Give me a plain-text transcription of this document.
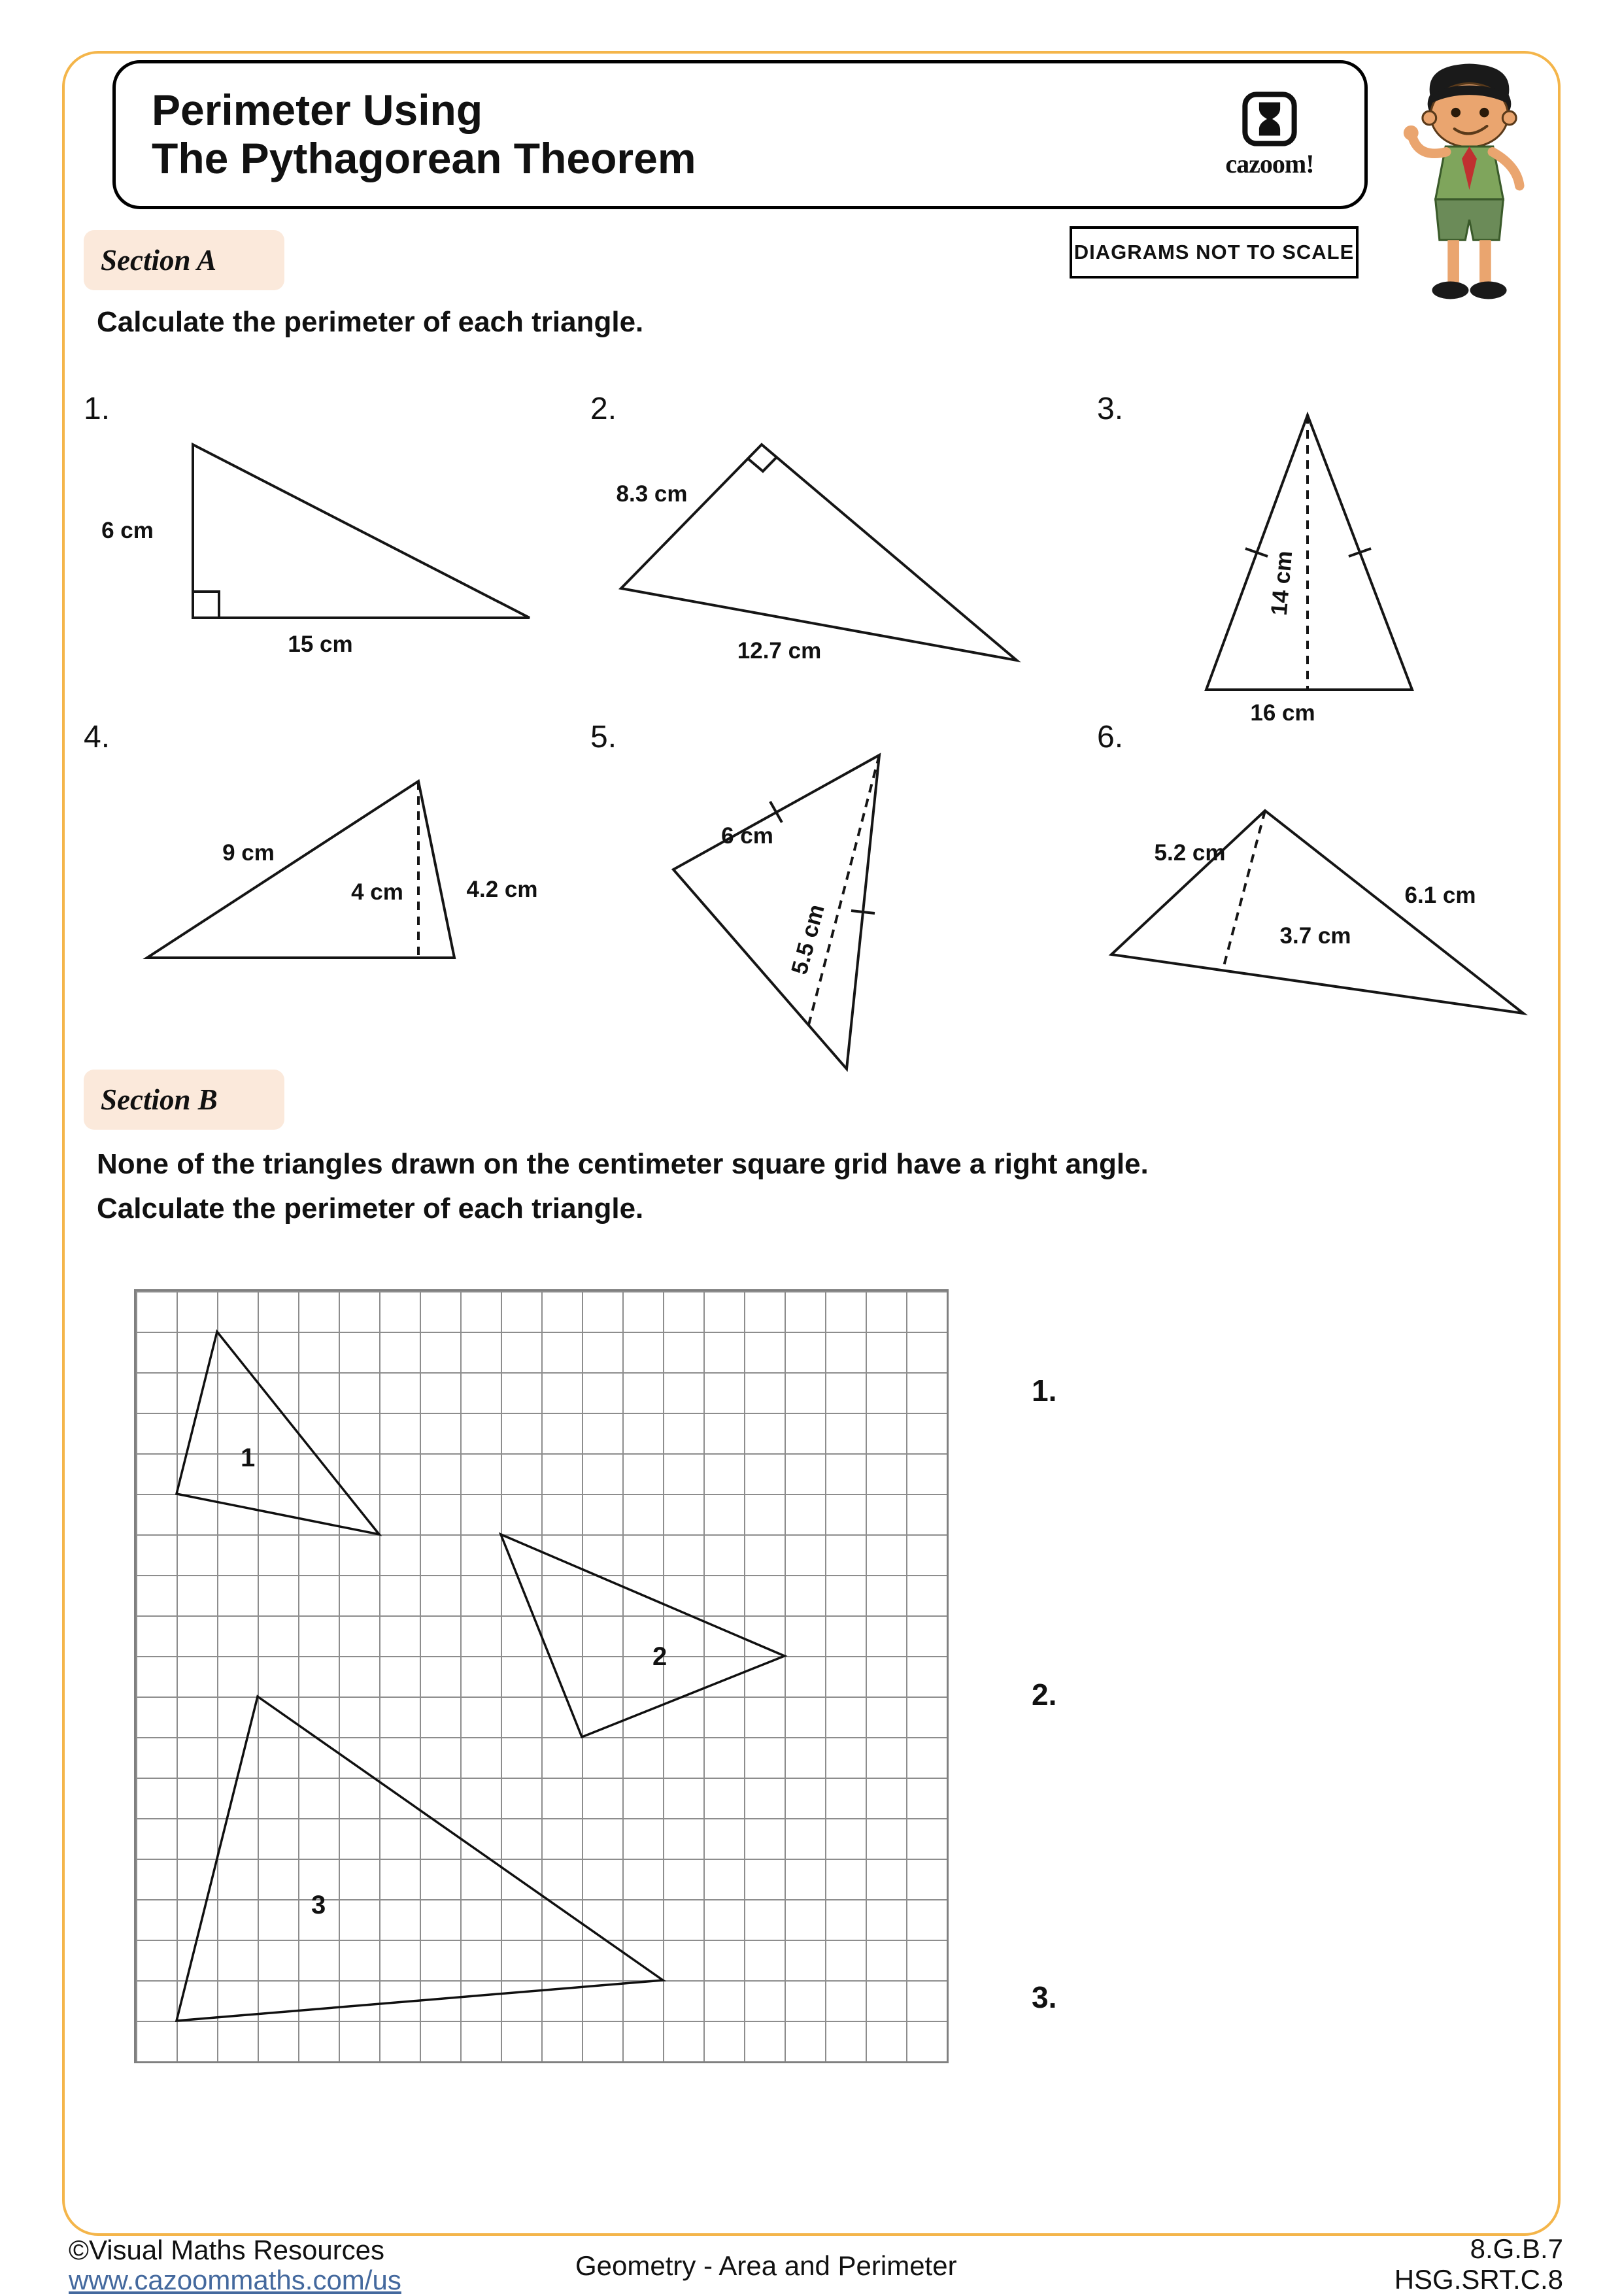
Perimeter Using
The Pythagorean Theorem	cazoom!
Section A	DIAGRAMS NOT TO SCALE
Calculate the perimeter of each triangle.
1.	2.	3.
4.	5.	6.
6 cm
15 cm
8.3 cm
12.7 cm
14 cm
16 cm
9 cm
4 cm	4.2 cm
6 cm
5.5 cm
5.2 cm
6.1 cm
3.7 cm
Section B
None of the triangles drawn on the centimeter square grid have a right angle.
Calculate the perimeter of each triangle.
1
2
3
1.
2.
3.
©Visual Maths Resources
www.cazoommaths.com/us	Geometry - Area and Perimeter
8.G.B.7
HSG.SRT.C.8
